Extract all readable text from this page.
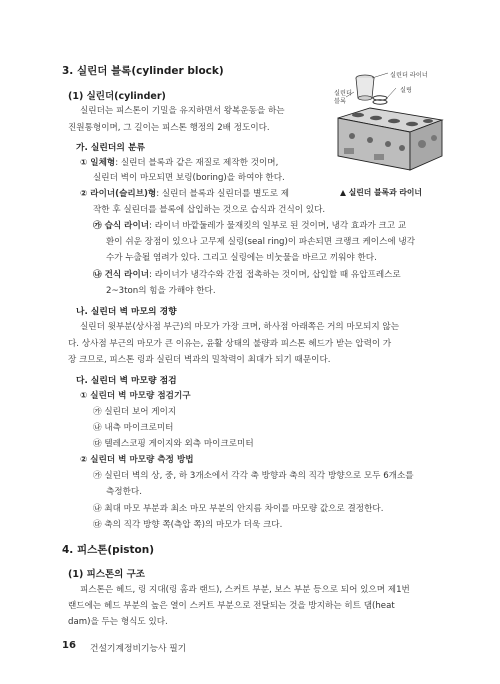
3. 실린더 블록(cylinder block)
(1) 실린더(cylinder)
실린더는 피스톤이 기밀을 유지하면서 왕복운동을 하는
진원통형이며, 그 길이는 피스톤 행정의 2배 정도이다.
가. 실린더의 분류
① 일체형: 실린더 블록과 같은 재질로 제작한 것이며,
실린더 벽이 마모되면 보링(boring)을 하여야 한다.
② 라이너(슬리브)형: 실린더 블록과 실린더를 별도로 제
작한 후 실린더를 블록에 삽입하는 것으로 습식과 건식이 있다.
㉮ 습식 라이너: 라이너 바깥둘레가 물재킷의 일부로 된 것이며, 냉각 효과가 크고 교
환이 쉬운 장점이 있으나 고무제 실링(seal ring)이 파손되면 크랭크 케이스에 냉각
수가 누출될 염려가 있다. 그리고 실링에는 비눗물을 바르고 끼워야 한다.
㉯ 건식 라이너: 라이너가 냉각수와 간접 접촉하는 것이며, 삽입할 때 유압프레스로
2~3ton의 힘을 가해야 한다.
실린더 라이너
실링
실린더
블록
▲ 실린더 블록과 라이너
나. 실린더 벽 마모의 경향
실린더 윗부분(상사점 부근)의 마모가 가장 크며, 하사점 아래쪽은 거의 마모되지 않는
다. 상사점 부근의 마모가 큰 이유는, 윤활 상태의 불량과 피스톤 헤드가 받는 압력이 가
장 크므로, 피스톤 링과 실린더 벽과의 밀착력이 최대가 되기 때문이다.
다. 실린더 벽 마모량 점검
① 실린더 벽 마모량 점검기구
㉮ 실린더 보어 게이지
㉯ 내측 마이크로미터
㉰ 텔레스코핑 게이지와 외측 마이크로미터
② 실린더 벽 마모량 측정 방법
㉮ 실린더 벽의 상, 중, 하 3개소에서 각각 축 방향과 축의 직각 방향으로 모두 6개소를
측정한다.
㉯ 최대 마모 부분과 최소 마모 부분의 안지름 차이를 마모량 값으로 결정한다.
㉰ 축의 직각 방향 쪽(측압 쪽)의 마모가 더욱 크다.
4. 피스톤(piston)
(1) 피스톤의 구조
피스톤은 헤드, 링 지대(링 홈과 랜드), 스커트 부분, 보스 부분 등으로 되어 있으며 제1번
랜드에는 헤드 부분의 높은 열이 스커트 부분으로 전달되는 것을 방지하는 히트 댐(heat
dam)을 두는 형식도 있다.
16 건설기계정비기능사 필기
